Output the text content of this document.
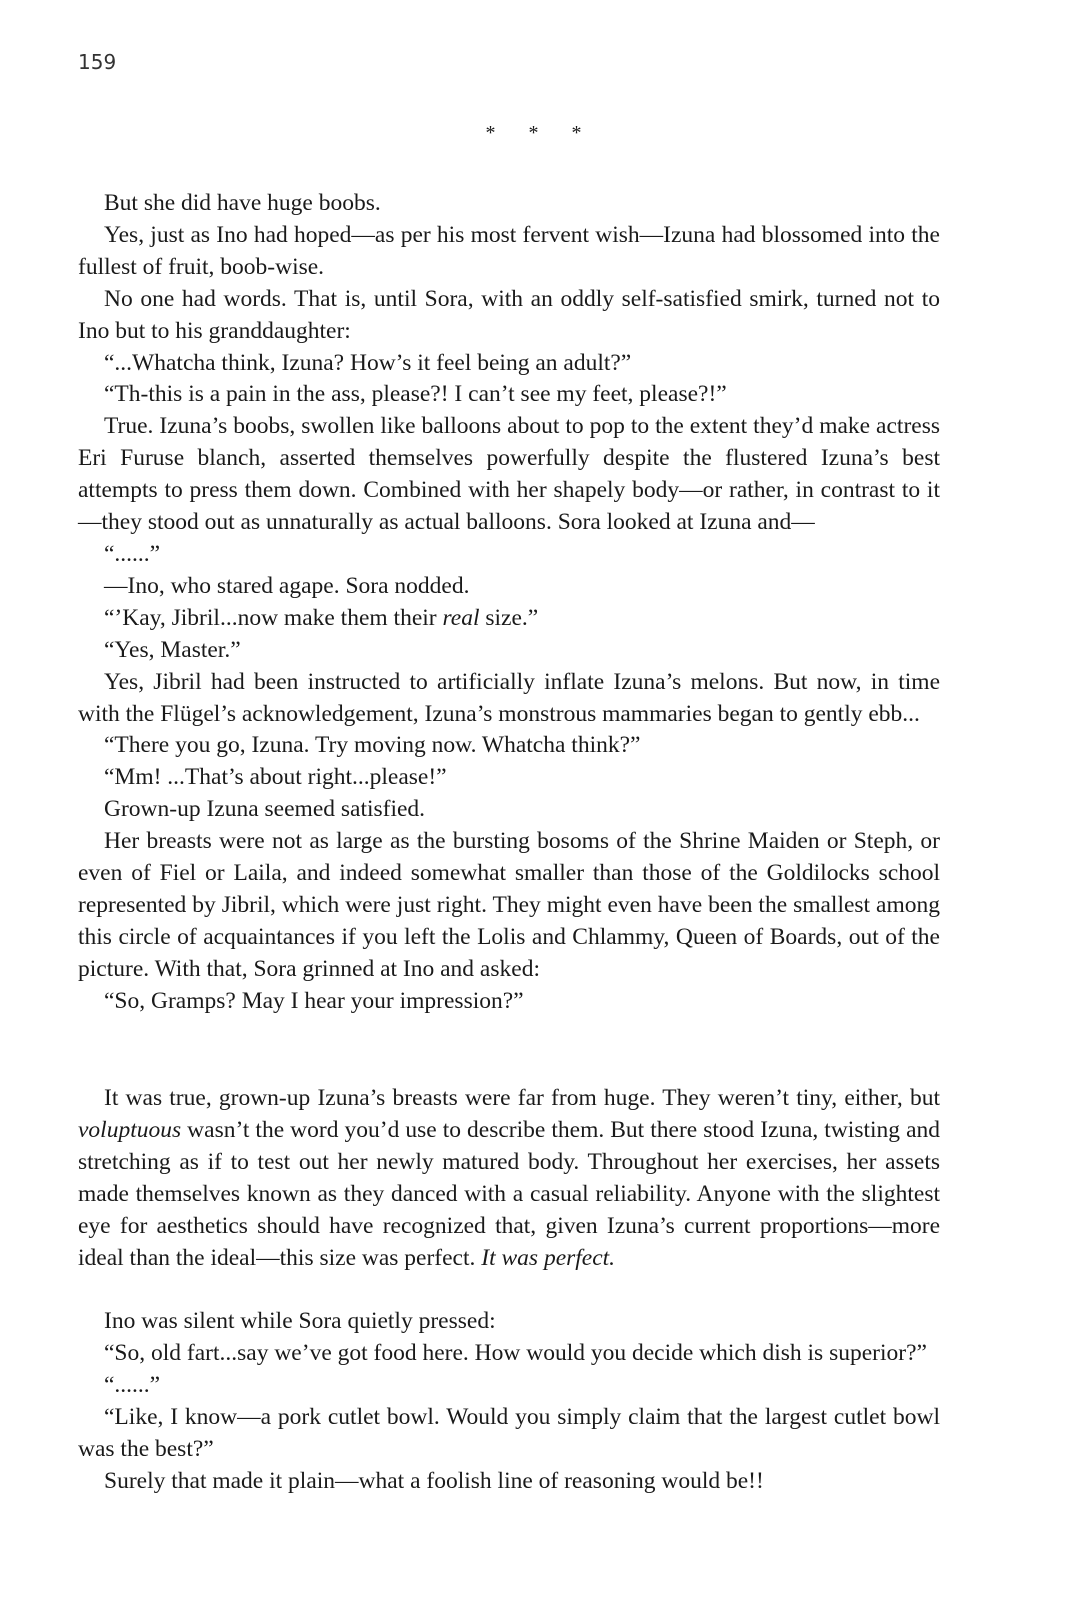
159
* * *

But she did have huge boobs.

Yes, just as Ino had hoped—as per his most fervent wish—Izuna had blossomed into the fullest of fruit, boob-wise.

No one had words. That is, until Sora, with an oddly self-satisfied smirk, turned not to Ino but to his granddaughter:

“...Whatcha think, Izuna? How’s it feel being an adult?”

“Th-this is a pain in the ass, please?! I can’t see my feet, please?!”

True. Izuna’s boobs, swollen like balloons about to pop to the extent they’d make actress Eri Furuse blanch, asserted themselves powerfully despite the flustered Izuna’s best attempts to press them down. Combined with her shapely body—or rather, in contrast to it—they stood out as unnaturally as actual balloons. Sora looked at Izuna and—

“......”

—Ino, who stared agape. Sora nodded.

“’Kay, Jibril...now make them their real size.”

“Yes, Master.”

Yes, Jibril had been instructed to artificially inflate Izuna’s melons. But now, in time with the Flügel’s acknowledgement, Izuna’s monstrous mammaries began to gently ebb...

“There you go, Izuna. Try moving now. Whatcha think?”

“Mm! ...That’s about right...please!”

Grown-up Izuna seemed satisfied.

Her breasts were not as large as the bursting bosoms of the Shrine Maiden or Steph, or even of Fiel or Laila, and indeed somewhat smaller than those of the Goldilocks school represented by Jibril, which were just right. They might even have been the smallest among this circle of acquaintances if you left the Lolis and Chlammy, Queen of Boards, out of the picture. With that, Sora grinned at Ino and asked:

“So, Gramps? May I hear your impression?”

It was true, grown-up Izuna’s breasts were far from huge. They weren’t tiny, either, but voluptuous wasn’t the word you’d use to describe them. But there stood Izuna, twisting and stretching as if to test out her newly matured body. Throughout her exercises, her assets made themselves known as they danced with a casual reliability. Anyone with the slightest eye for aesthetics should have recognized that, given Izuna’s current proportions—more ideal than the ideal—this size was perfect. It was perfect.

Ino was silent while Sora quietly pressed:

“So, old fart...say we’ve got food here. How would you decide which dish is superior?”

“......”

“Like, I know—a pork cutlet bowl. Would you simply claim that the largest cutlet bowl was the best?”

Surely that made it plain—what a foolish line of reasoning would be!!
